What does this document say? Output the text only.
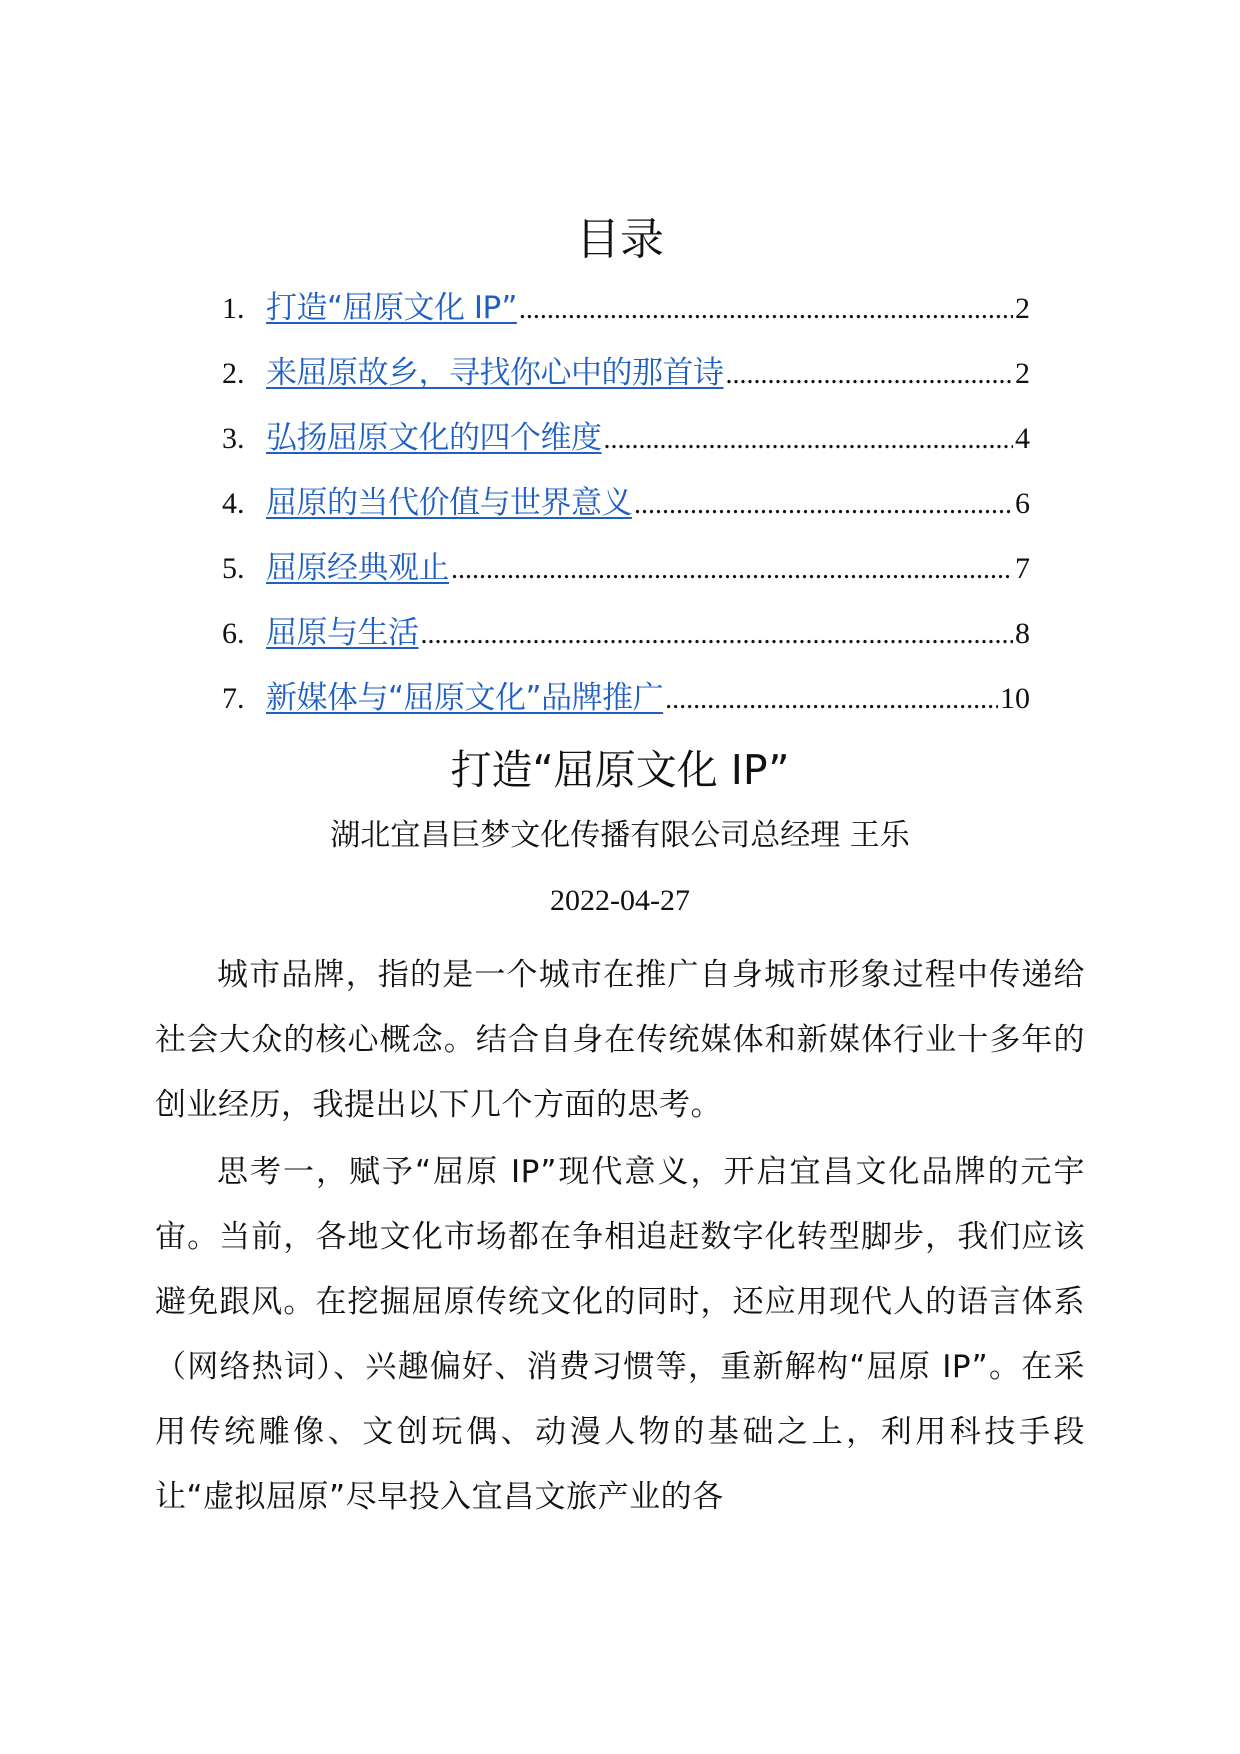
目录
1. 打造“屈原文化 IP” .....	2
2. 来屈原故乡，寻找你心中的那首诗 .....	2
3. 弘扬屈原文化的四个维度 .....	4
4. 屈原的当代价值与世界意义 .....	6
5. 屈原经典观止 .....	7
6. 屈原与生活 .....	8
7. 新媒体与“屈原文化”品牌推广 .....	10
打造“屈原文化 IP”
湖北宜昌巨梦文化传播有限公司总经理 王乐
2022-04-27

城市品牌，指的是一个城市在推广自身城市形象过程中传递给社会大众的核心概念。结合自身在传统媒体和新媒体行业十多年的创业经历，我提出以下几个方面的思考。

思考一，赋予“屈原 IP”现代意义，开启宜昌文化品牌的元宇宙。当前，各地文化市场都在争相追赶数字化转型脚步，我们应该避免跟风。在挖掘屈原传统文化的同时，还应用现代人的语言体系（网络热词）、兴趣偏好、消费习惯等，重新解构“屈原 IP”。在采用传统雕像、文创玩偶、动漫人物的基础之上，利用科技手段让“虚拟屈原”尽早投入宜昌文旅产业的各
